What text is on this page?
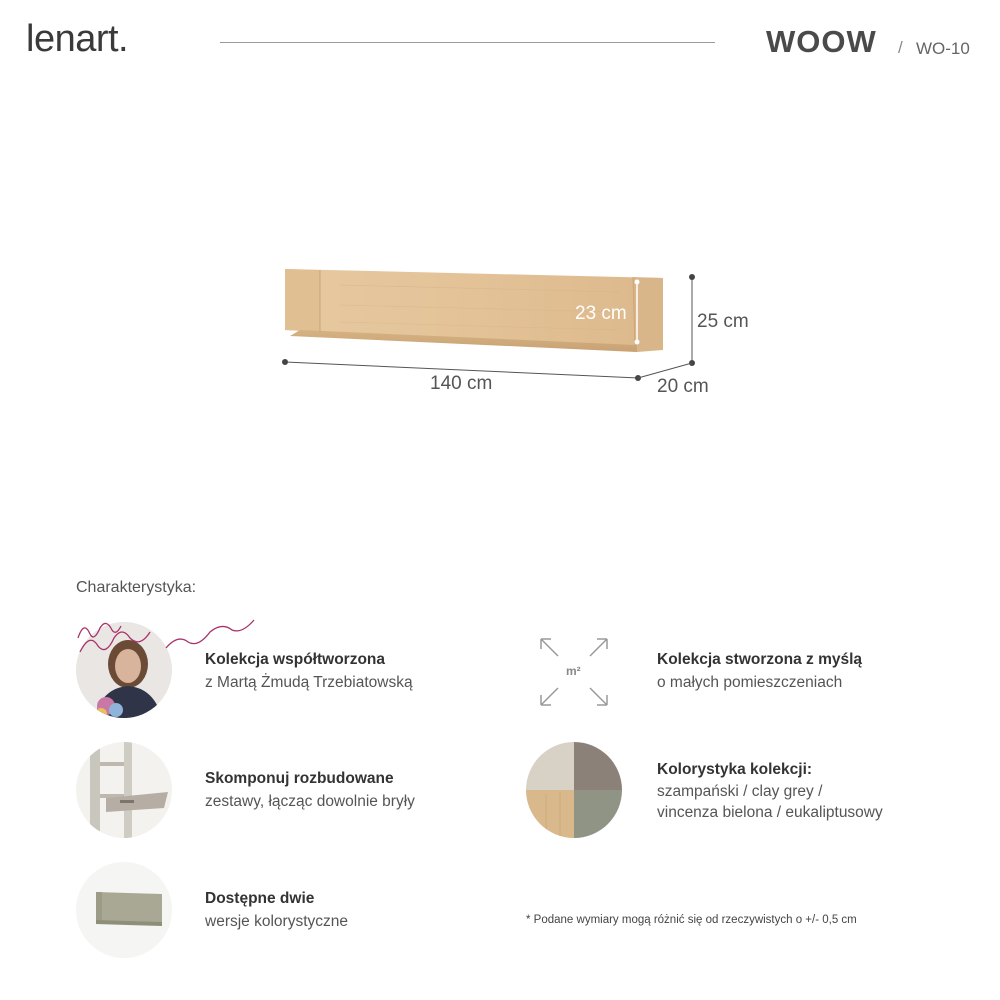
lenart.	WOOW / WO-10
23 cm
140 cm
25 cm
20 cm
Charakterystyka:
Kolekcja współtworzona
z Martą Żmudą Trzebiatowską
m²
Kolekcja stworzona z myślą
o małych pomieszczeniach
Skomponuj rozbudowane
zestawy, łącząc dowolnie bryły
Kolorystyka kolekcji:
szampański / clay grey /
vincenza bielona / eukaliptusowy
Dostępne dwie
wersje kolorystyczne	* Podane wymiary mogą różnić się od rzeczywistych o +/- 0,5 cm
